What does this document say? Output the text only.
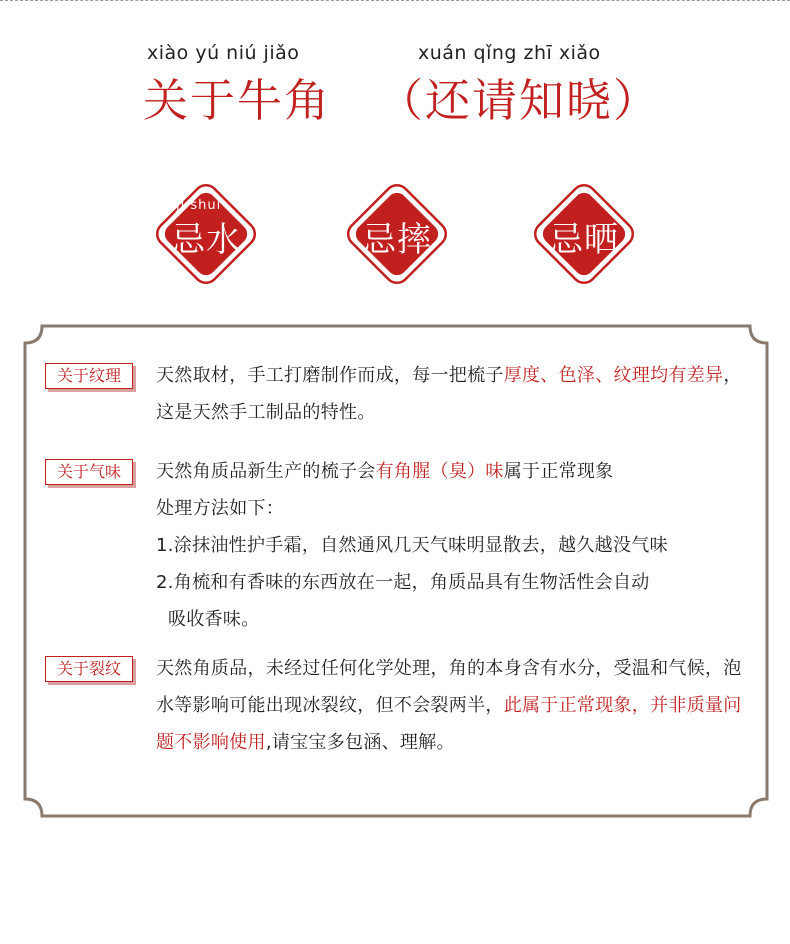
xiào yú niú jiǎo	xuán qǐng zhī xiǎo
关于牛角 （还请知晓）
ji shui
忌水	忌摔	忌晒
关于纹理	天然取材，手工打磨制作而成，每一把梳子厚度、色泽、纹理均有差异，这是天然手工制品的特性。
关于气味	天然角质品新生产的梳子会有角腥（臭）味属于正常现象
处理方法如下：
1.涂抹油性护手霜，自然通风几天气味明显散去，越久越没气味
2.角梳和有香味的东西放在一起，角质品具有生物活性会自动
吸收香味。
关于裂纹	天然角质品，未经过任何化学处理，角的本身含有水分，受温和气候，泡水等影响可能出现冰裂纹，但不会裂两半，此属于正常现象，并非质量问题不影响使用,请宝宝多包涵、理解。
